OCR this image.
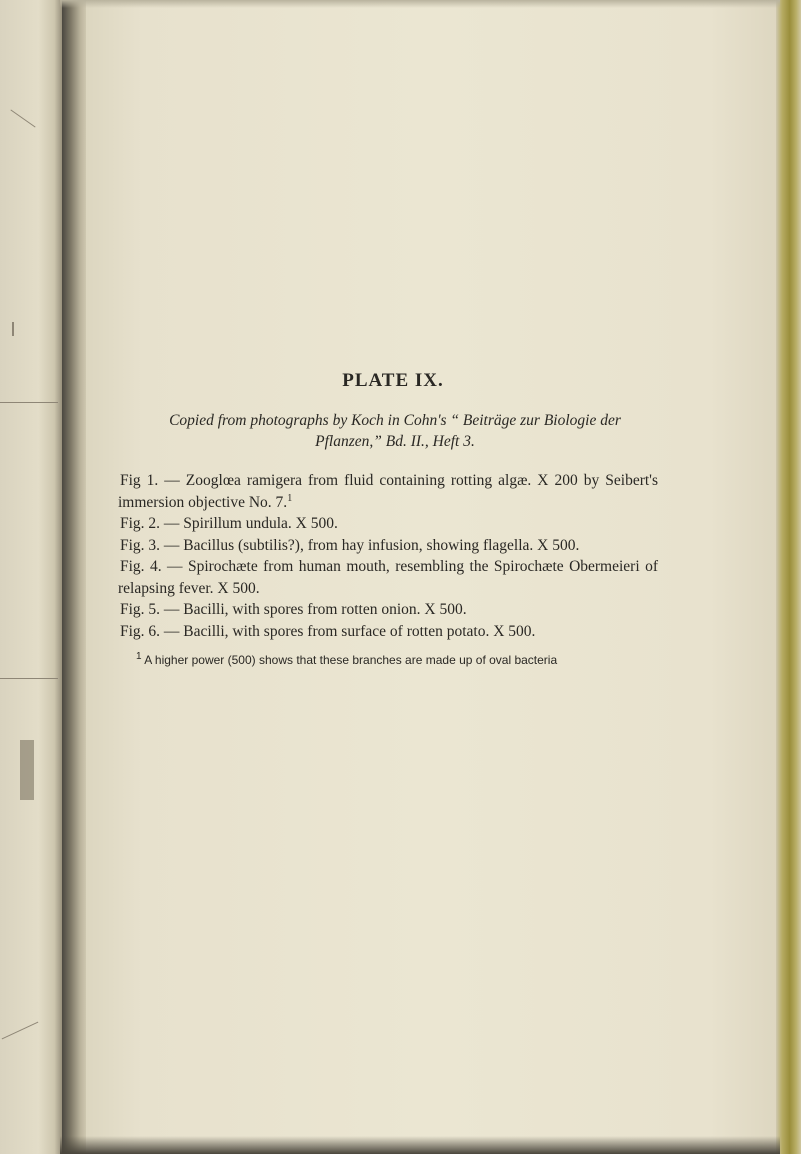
PLATE IX.
Copied from photographs by Koch in Cohn's “ Beiträge zur Biologie der
Pflanzen,” Bd. II., Heft 3.

Fig 1. — Zooglœa ramigera from fluid containing rotting algæ. X 200 by Seibert's immersion objective No. 7.$^1$

Fig. 2. — Spirillum undula. X 500.

Fig. 3. — Bacillus (subtilis?), from hay infusion, showing flagella. X 500.

Fig. 4. — Spirochæte from human mouth, resembling the Spirochæte Obermeieri of relapsing fever. X 500.

Fig. 5. — Bacilli, with spores from rotten onion. X 500.

Fig. 6. — Bacilli, with spores from surface of rotten potato. X 500.

$^1$ A higher power (500) shows that these branches are made up of oval bacteria
